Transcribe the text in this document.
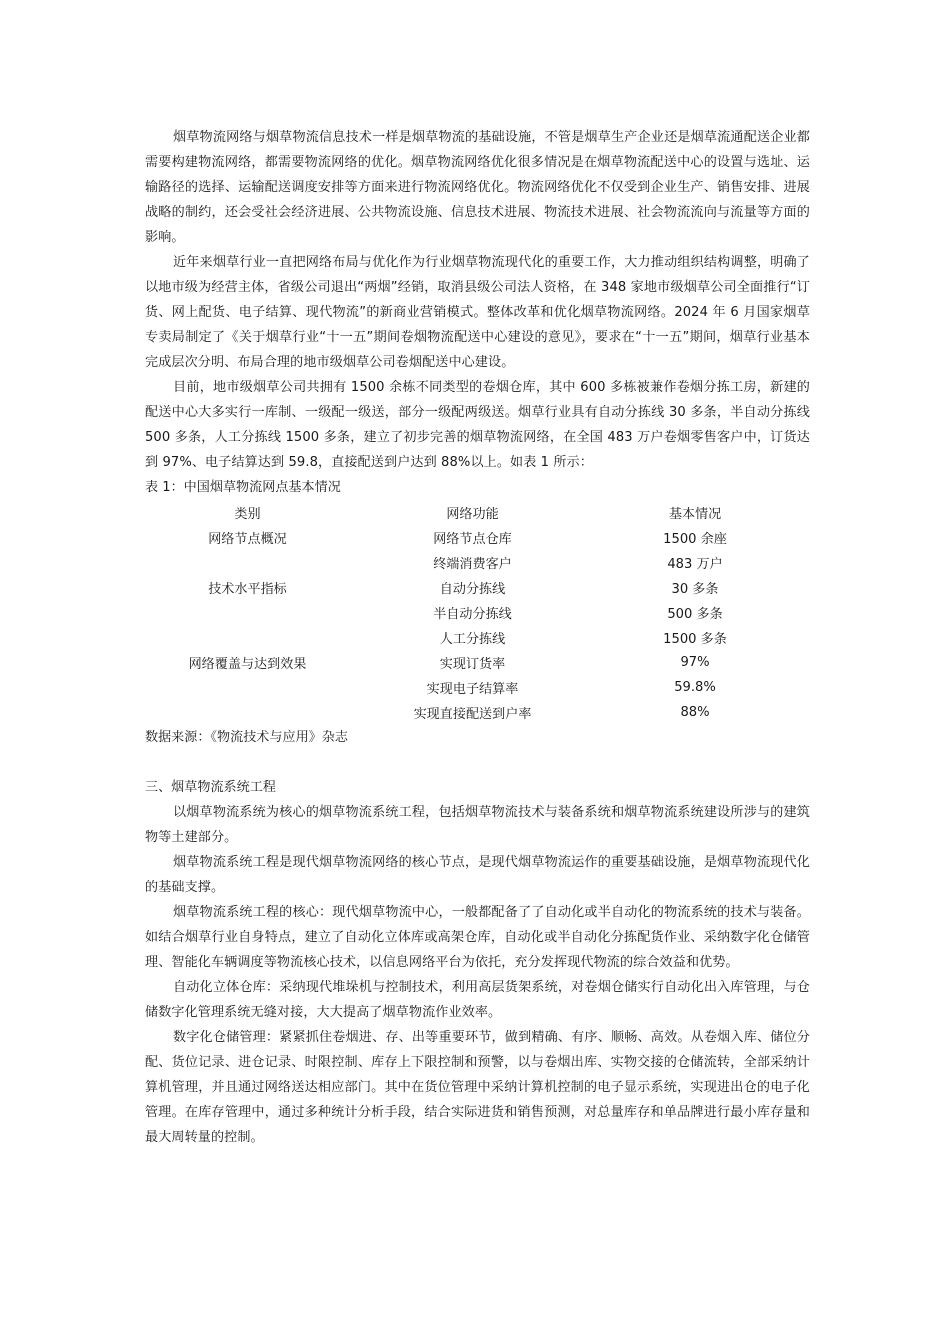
烟草物流网络与烟草物流信息技术一样是烟草物流的基础设施，不管是烟草生产企业还是烟草流通配送企业都需要构建物流网络，都需要物流网络的优化。烟草物流网络优化很多情况是在烟草物流配送中心的设置与选址、运输路径的选择、运输配送调度安排等方面来进行物流网络优化。物流网络优化不仅受到企业生产、销售安排、进展战略的制约，还会受社会经济进展、公共物流设施、信息技术进展、物流技术进展、社会物流流向与流量等方面的影响。

近年来烟草行业一直把网络布局与优化作为行业烟草物流现代化的重要工作，大力推动组织结构调整，明确了以地市级为经营主体，省级公司退出“两烟”经销，取消县级公司法人资格，在 348 家地市级烟草公司全面推行“订货、网上配货、电子结算、现代物流”的新商业营销模式。整体改革和优化烟草物流网络。2024 年 6 月国家烟草专卖局制定了《关于烟草行业“十一五”期间卷烟物流配送中心建设的意见》，要求在“十一五”期间，烟草行业基本完成层次分明、布局合理的地市级烟草公司卷烟配送中心建设。

目前，地市级烟草公司共拥有 1500 余栋不同类型的卷烟仓库，其中 600 多栋被兼作卷烟分拣工房，新建的配送中心大多实行一库制、一级配一级送，部分一级配两级送。烟草行业具有自动分拣线 30 多条，半自动分拣线 500 多条，人工分拣线 1500 多条，建立了初步完善的烟草物流网络，在全国 483 万户卷烟零售客户中，订货达到 97%、电子结算达到 59.8，直接配送到户达到 88%以上。如表 1 所示：

表 1：中国烟草物流网点基本情况
类别	网络功能	基本情况
网络节点概况	网络节点仓库	1500 余座
	终端消费客户	483 万户
技术水平指标	自动分拣线	30 多条
	半自动分拣线	500 多条
	人工分拣线	1500 多条
网络覆盖与达到效果	实现订货率	97%
	实现电子结算率	59.8%
	实现直接配送到户率	88%
数据来源：《物流技术与应用》杂志
三、烟草物流系统工程

以烟草物流系统为核心的烟草物流系统工程，包括烟草物流技术与装备系统和烟草物流系统建设所涉与的建筑物等土建部分。

烟草物流系统工程是现代烟草物流网络的核心节点，是现代烟草物流运作的重要基础设施，是烟草物流现代化的基础支撑。

烟草物流系统工程的核心：现代烟草物流中心，一般都配备了了自动化或半自动化的物流系统的技术与装备。如结合烟草行业自身特点，建立了自动化立体库或高架仓库，自动化或半自动化分拣配货作业、采纳数字化仓储管理、智能化车辆调度等物流核心技术，以信息网络平台为依托，充分发挥现代物流的综合效益和优势。

自动化立体仓库：采纳现代堆垛机与控制技术，利用高层货架系统，对卷烟仓储实行自动化出入库管理，与仓储数字化管理系统无缝对接，大大提高了烟草物流作业效率。

数字化仓储管理：紧紧抓住卷烟进、存、出等重要环节，做到精确、有序、顺畅、高效。从卷烟入库、储位分配、货位记录、进仓记录、时限控制、库存上下限控制和预警，以与卷烟出库、实物交接的仓储流转，全部采纳计算机管理，并且通过网络送达相应部门。其中在货位管理中采纳计算机控制的电子显示系统，实现进出仓的电子化管理。在库存管理中，通过多种统计分析手段，结合实际进货和销售预测，对总量库存和单品牌进行最小库存量和最大周转量的控制。
